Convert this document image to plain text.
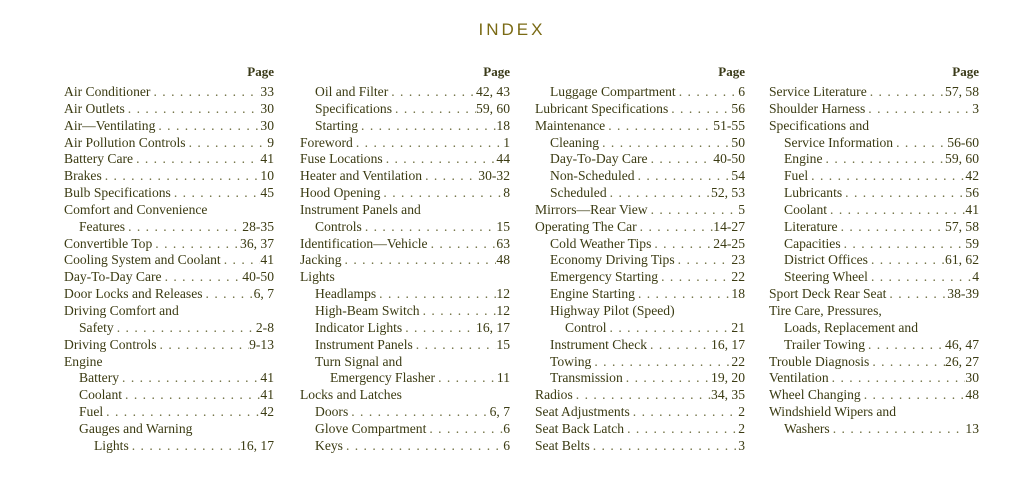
INDEX
Page
Air Conditioner . . .	33
Air Outlets . . .	30
Air—Ventilating . . .	30
Air Pollution Controls . . .	9
Battery Care . . .	41
Brakes . . .	10
Bulb Specifications . . .	45
Comfort and Convenience
Features . . .	28-35
Convertible Top . . .	36, 37
Cooling System and Coolant . . .	41
Day-To-Day Care . . .	40-50
Door Locks and Releases . . .	6, 7
Driving Comfort and
Safety . . .	2-8
Driving Controls . . .	9-13
Engine
Battery . . .	41
Coolant . . .	41
Fuel . . .	42
Gauges and Warning
Lights . . .	16, 17
Page
Oil and Filter . . .	42, 43
Specifications . . .	59, 60
Starting . . .	18
Foreword . . .	1
Fuse Locations . . .	44
Heater and Ventilation . . .	30-32
Hood Opening . . .	8
Instrument Panels and
Controls . . .	15
Identification—Vehicle . . .	63
Jacking . . .	48
Lights
Headlamps . . .	12
High-Beam Switch . . .	12
Indicator Lights . . .	16, 17
Instrument Panels . . .	15
Turn Signal and
Emergency Flasher . . .	11
Locks and Latches
Doors . . .	6, 7
Glove Compartment . . .	6
Keys . . .	6
Page
Luggage Compartment . . .	6
Lubricant Specifications . . .	56
Maintenance . . .	51-55
Cleaning . . .	50
Day-To-Day Care . . .	40-50
Non-Scheduled . . .	54
Scheduled . . .	52, 53
Mirrors—Rear View . . .	5
Operating The Car . . .	14-27
Cold Weather Tips . . .	24-25
Economy Driving Tips . . .	23
Emergency Starting . . .	22
Engine Starting . . .	18
Highway Pilot (Speed)
Control . . .	21
Instrument Check . . .	16, 17
Towing . . .	22
Transmission . . .	19, 20
Radios . . .	34, 35
Seat Adjustments . . .	2
Seat Back Latch . . .	2
Seat Belts . . .	3
Page
Service Literature . . .	57, 58
Shoulder Harness . . .	3
Specifications and
Service Information . . .	56-60
Engine . . .	59, 60
Fuel . . .	42
Lubricants . . .	56
Coolant . . .	41
Literature . . .	57, 58
Capacities . . .	59
District Offices . . .	61, 62
Steering Wheel . . .	4
Sport Deck Rear Seat . . .	38-39
Tire Care, Pressures,
Loads, Replacement and
Trailer Towing . . .	46, 47
Trouble Diagnosis . . .	26, 27
Ventilation . . .	30
Wheel Changing . . .	48
Windshield Wipers and
Washers . . .	13
